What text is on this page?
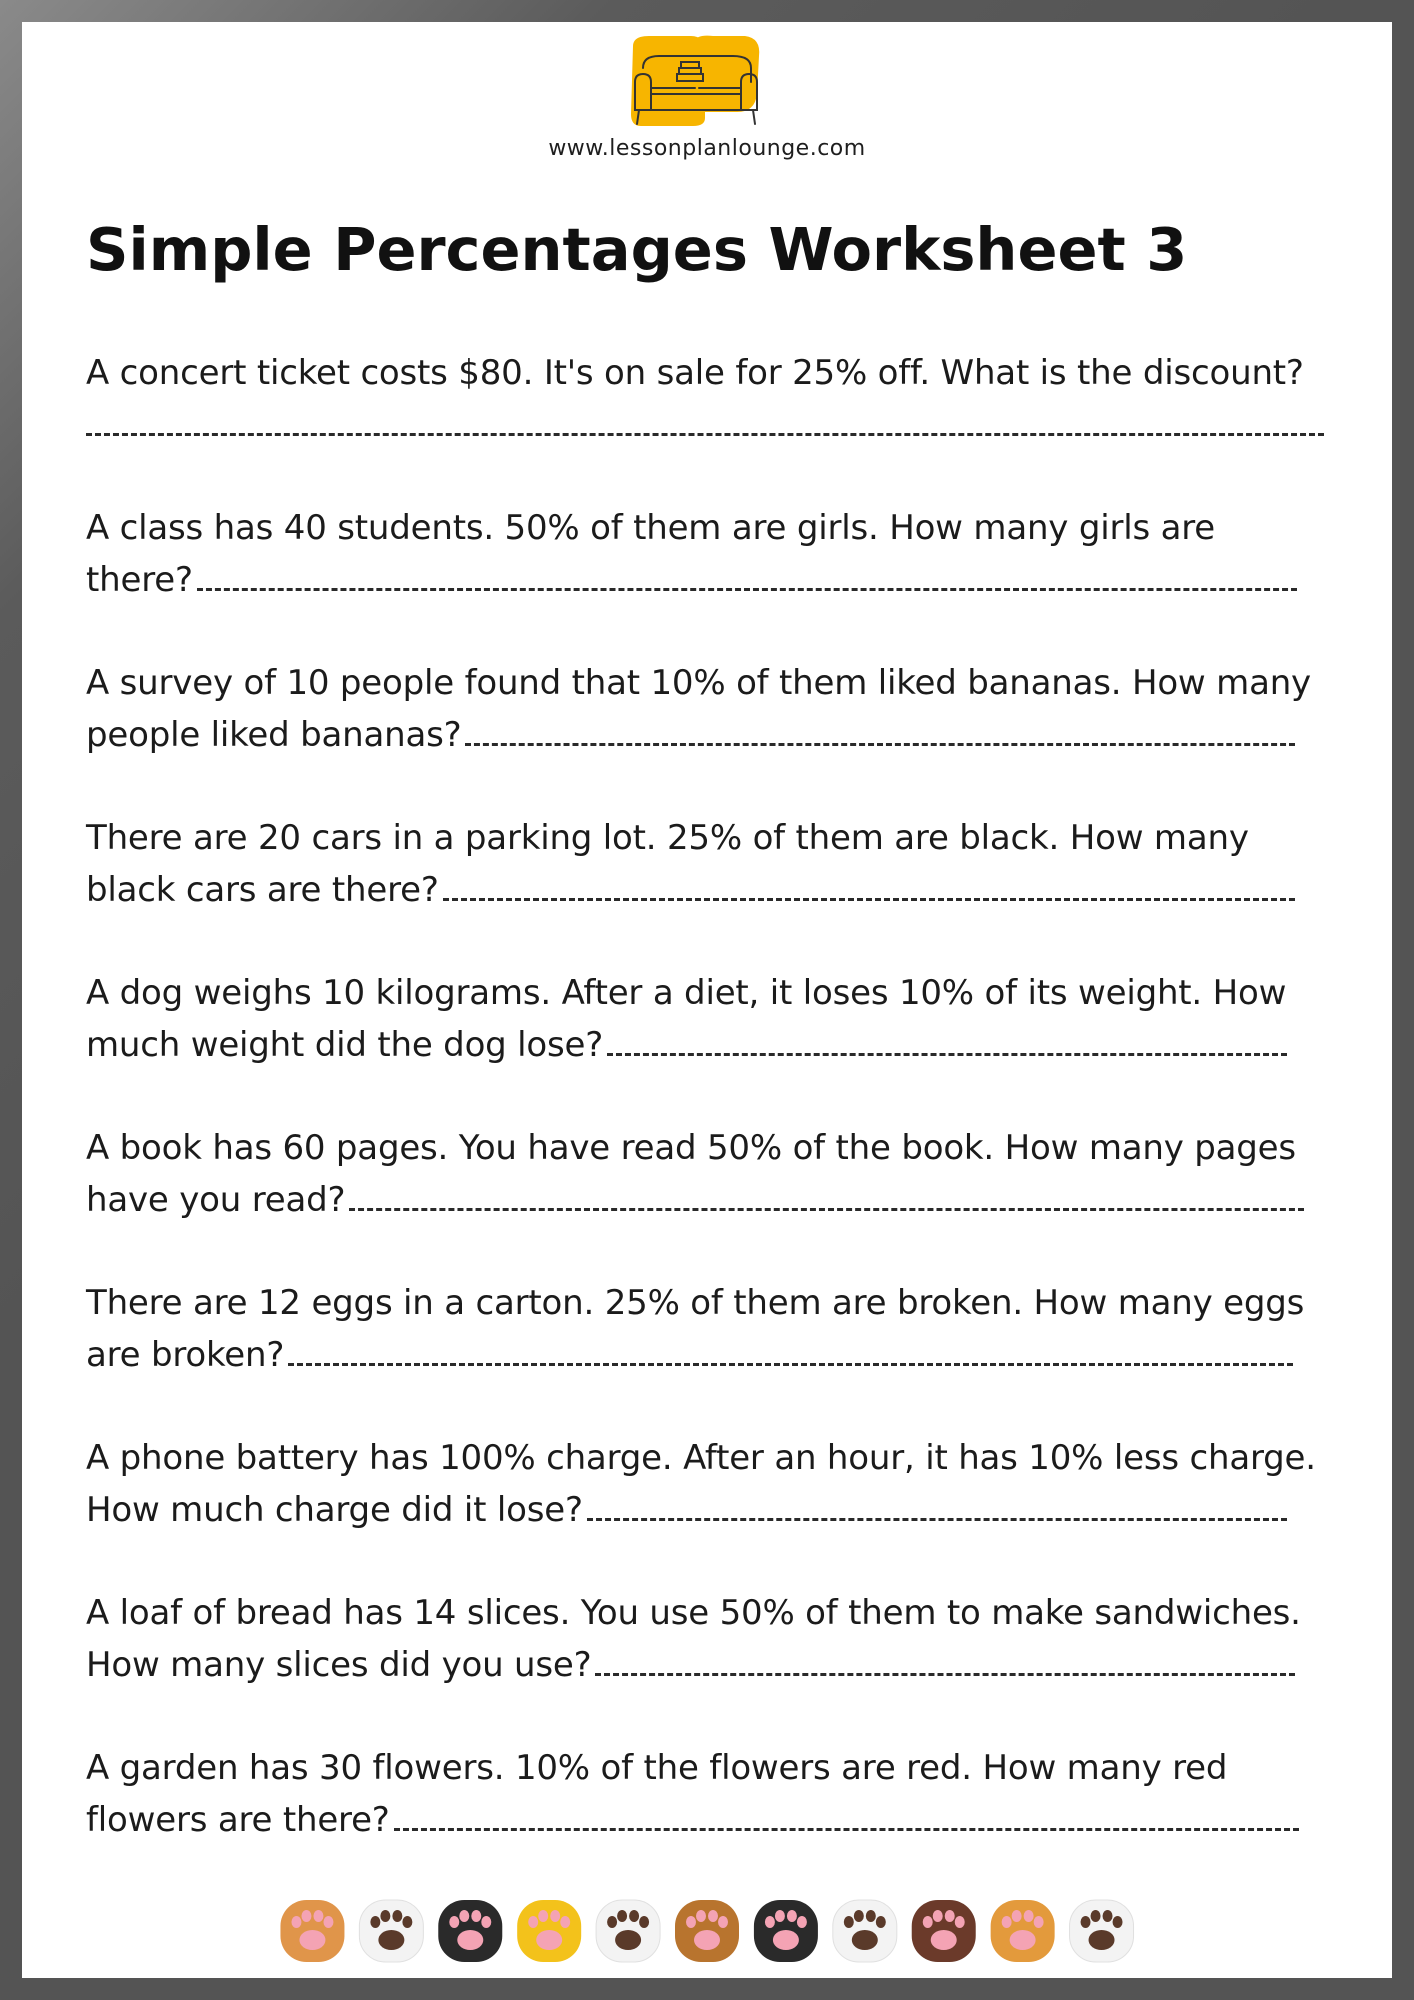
www.lessonplanlounge.com
Simple Percentages Worksheet 3
A concert ticket costs $80. It's on sale for 25% off. What is the discount?
A class has 40 students. 50% of them are girls. How many girls are
there?
A survey of 10 people found that 10% of them liked bananas. How many
people liked bananas?
There are 20 cars in a parking lot. 25% of them are black. How many
black cars are there?
A dog weighs 10 kilograms. After a diet, it loses 10% of its weight. How
much weight did the dog lose?
A book has 60 pages. You have read 50% of the book. How many pages
have you read?
There are 12 eggs in a carton. 25% of them are broken. How many eggs
are broken?
A phone battery has 100% charge. After an hour, it has 10% less charge.
How much charge did it lose?
A loaf of bread has 14 slices. You use 50% of them to make sandwiches.
How many slices did you use?
A garden has 30 flowers. 10% of the flowers are red. How many red
flowers are there?
